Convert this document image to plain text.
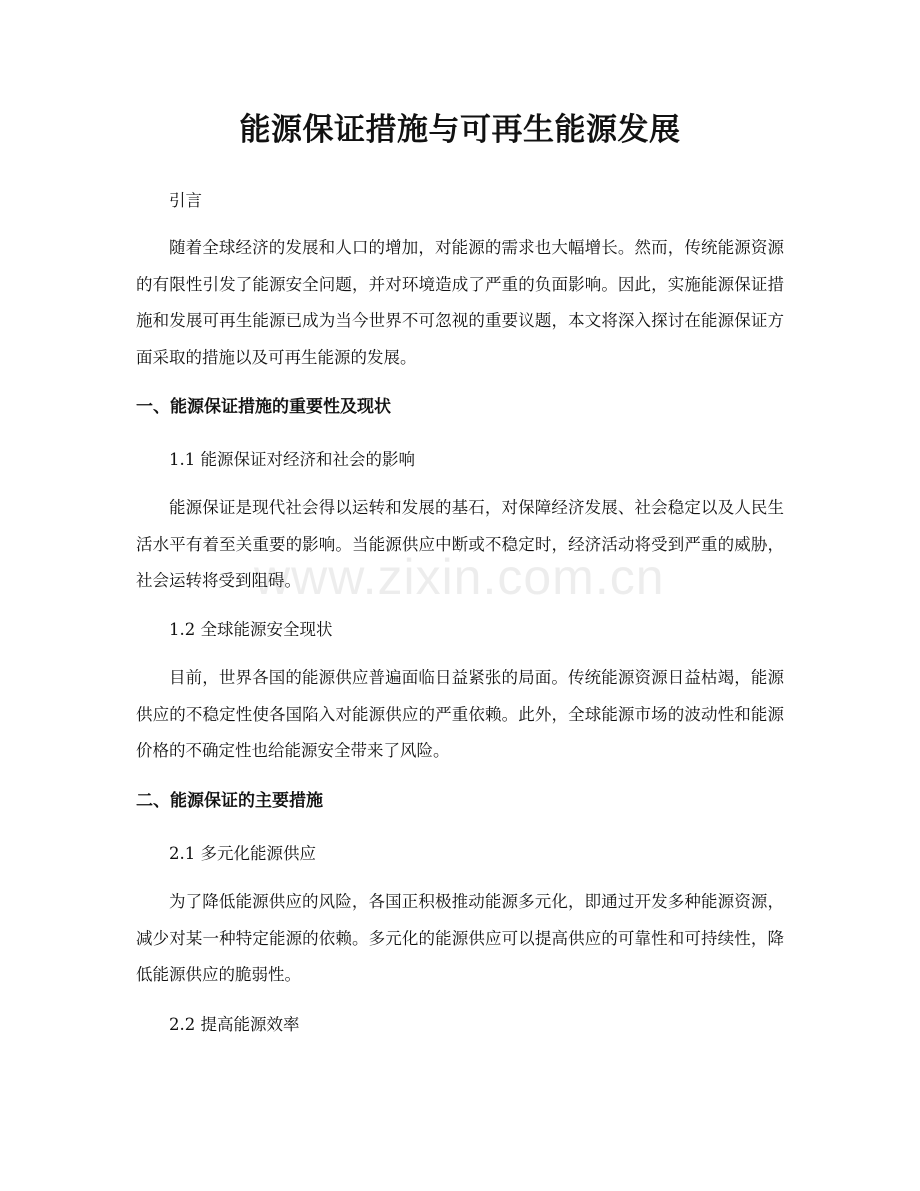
能源保证措施与可再生能源发展

引言

随着全球经济的发展和人口的增加，对能源的需求也大幅增长。然而，传统能源资源的有限性引发了能源安全问题，并对环境造成了严重的负面影响。因此，实施能源保证措施和发展可再生能源已成为当今世界不可忽视的重要议题，本文将深入探讨在能源保证方面采取的措施以及可再生能源的发展。

一、能源保证措施的重要性及现状

1.1 能源保证对经济和社会的影响

能源保证是现代社会得以运转和发展的基石，对保障经济发展、社会稳定以及人民生活水平有着至关重要的影响。当能源供应中断或不稳定时，经济活动将受到严重的威胁，社会运转将受到阻碍。

1.2 全球能源安全现状

目前，世界各国的能源供应普遍面临日益紧张的局面。传统能源资源日益枯竭，能源供应的不稳定性使各国陷入对能源供应的严重依赖。此外，全球能源市场的波动性和能源价格的不确定性也给能源安全带来了风险。

二、能源保证的主要措施

2.1 多元化能源供应

为了降低能源供应的风险，各国正积极推动能源多元化，即通过开发多种能源资源，减少对某一种特定能源的依赖。多元化的能源供应可以提高供应的可靠性和可持续性，降低能源供应的脆弱性。

2.2 提高能源效率

www.zixin.com.cn
